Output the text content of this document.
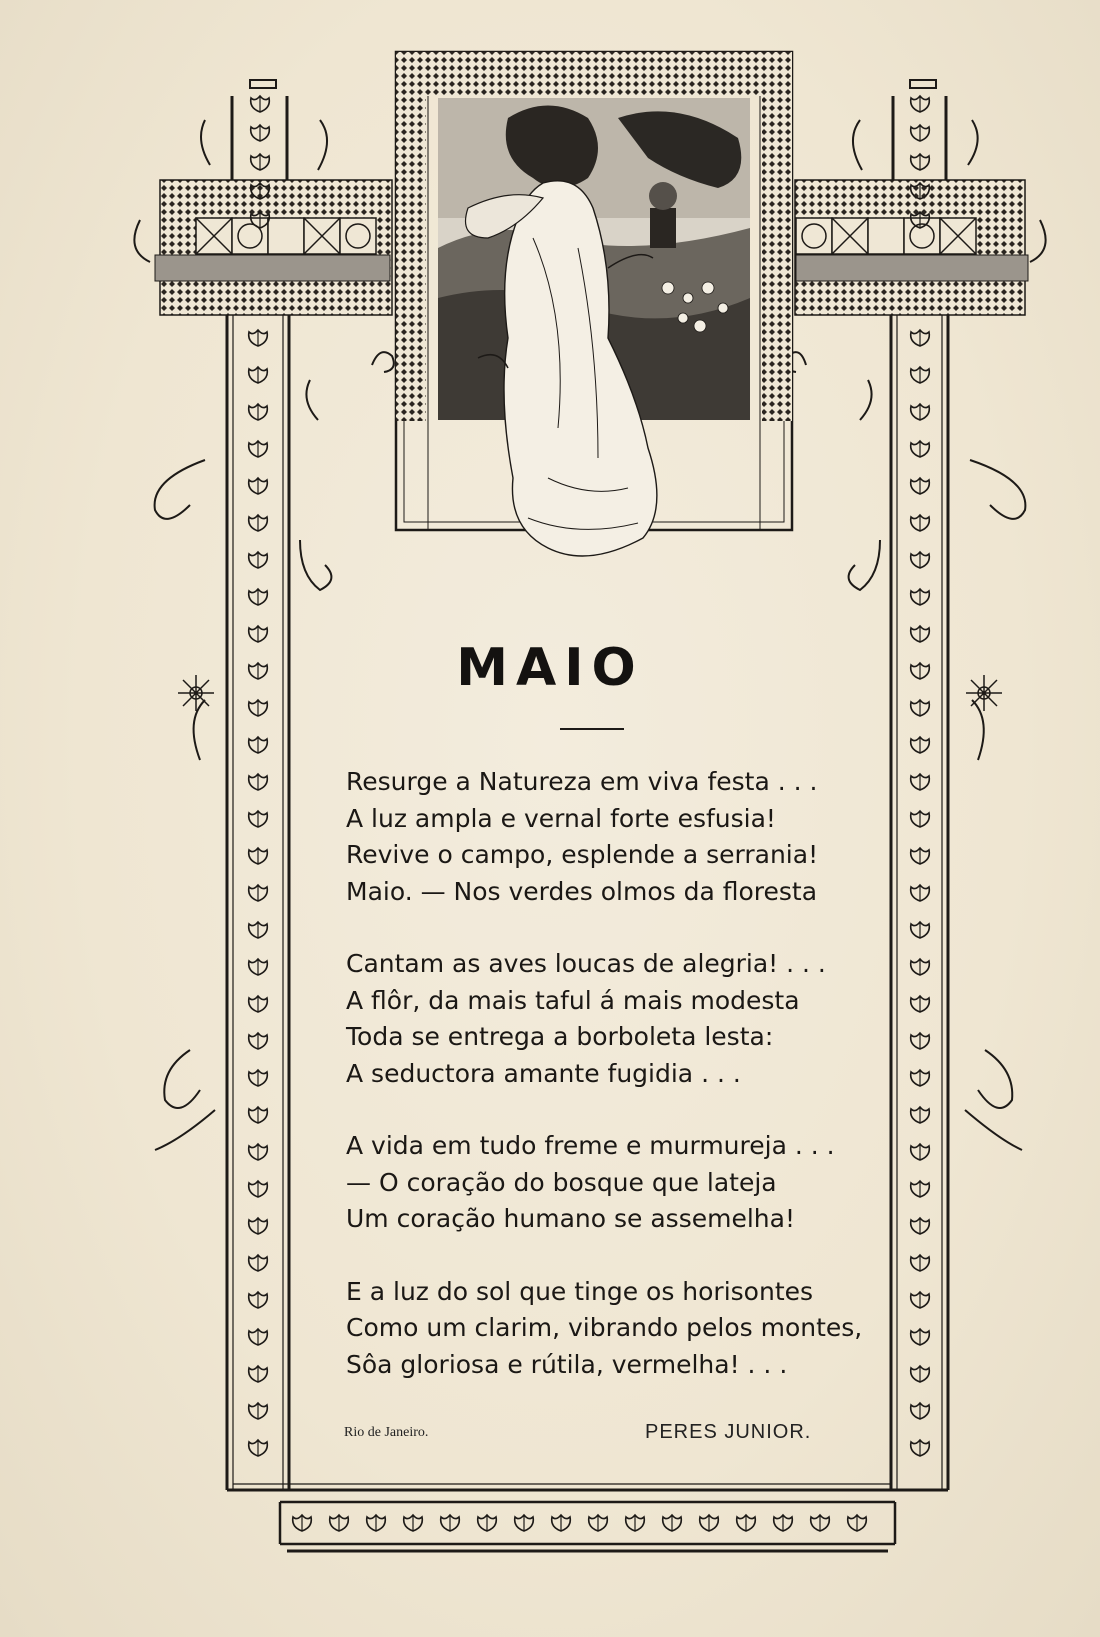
MAIO
Resurge a Natureza em viva festa . . .
A luz ampla e vernal forte esfusia!
Revive o campo, esplende a serrania!
Maio. — Nos verdes olmos da floresta
Cantam as aves loucas de alegria! . . .
A flôr, da mais taful á mais modesta
Toda se entrega a borboleta lesta:
A seductora amante fugidia . . .
A vida em tudo freme e murmureja . . .
— O coração do bosque que lateja
Um coração humano se assemelha!
E a luz do sol que tinge os horisontes
Como um clarim, vibrando pelos montes,
Sôa gloriosa e rútila, vermelha! . . .
Rio de Janeiro.	PERES JUNIOR.
